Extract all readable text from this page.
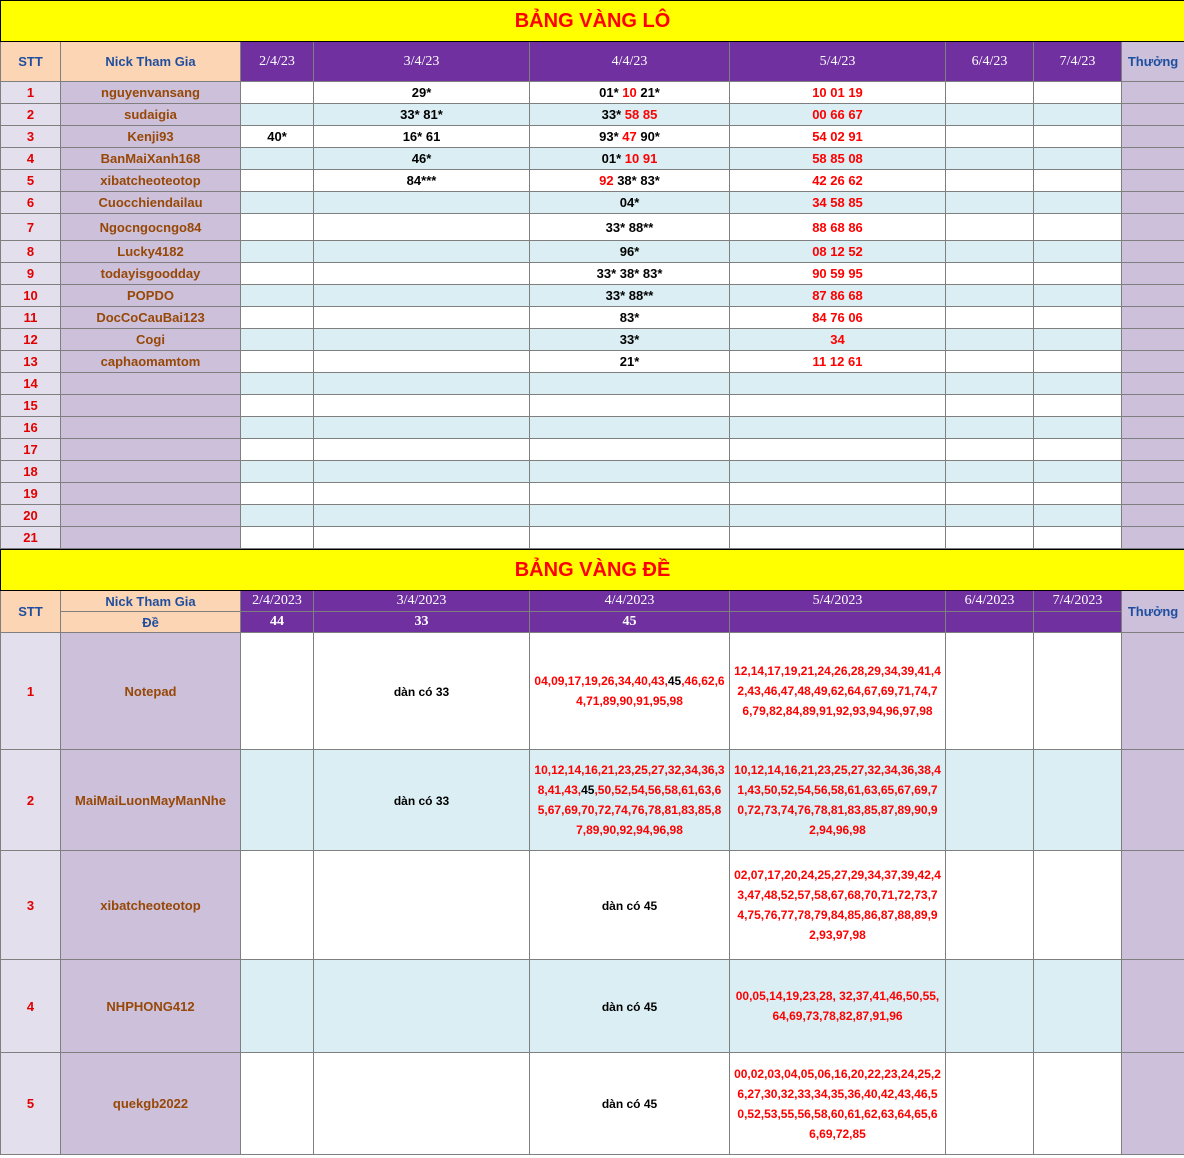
BẢNG VÀNG LÔ								
STT	Nick Tham Gia	2/4/23	3/4/23	4/4/23	5/4/23	6/4/23	7/4/23	Thưởng
1	nguyenvansang		29*	01* 10 21*	10 01 19			
2	sudaigia		33* 81*	33* 58 85	00 66 67			
3	Kenji93	40*	16* 61	93* 47 90*	54 02 91			
4	BanMaiXanh168		46*	01* 10 91	58 85 08			
5	xibatcheoteotop		84***	92 38* 83*	42 26 62			
6	Cuocchiendailau			04*	34 58 85			
7	Ngocngocngo84			33* 88**	88 68 86			
8	Lucky4182			96*	08 12 52			
9	todayisgoodday			33* 38* 83*	90 59 95			
10	POPDO			33* 88**	87 86 68			
11	DocCoCauBai123			83*	84 76 06			
12	Cogi			33*	34			
13	caphaomamtom			21*	11 12 61			
14								
15								
16								
17								
18								
19								
20								
21								
BẢNG VÀNG ĐỀ								
STT	Nick Tham Gia	2/4/2023	3/4/2023	4/4/2023	5/4/2023	6/4/2023	7/4/2023	Thưởng
	Đề	44	33	45				
1	Notepad		dàn có 33	04,09,17,19,26,34,40,43,45,46,62,64,71,89,90,91,95,98	12,14,17,19,21,24,26,28,29,34,39,41,42,43,46,47,48,49,62,64,67,69,71,74,76,79,82,84,89,91,92,93,94,96,97,98			

2	MaiMaiLuonMayManNhe		dàn có 33	10,12,14,16,21,23,25,27,32,34,36,38,41,43,45,50,52,54,56,58,61,63,65,67,69,70,72,74,76,78,81,83,85,87,89,90,92,94,96,98	10,12,14,16,21,23,25,27,32,34,36,38,41,43,50,52,54,56,58,61,63,65,67,69,70,72,73,74,76,78,81,83,85,87,89,90,92,94,96,98			

3	xibatcheoteotop			dàn có 45	02,07,17,20,24,25,27,29,34,37,39,42,43,47,48,52,57,58,67,68,70,71,72,73,74,75,76,77,78,79,84,85,86,87,88,89,92,93,97,98			

4	NHPHONG412			dàn có 45	00,05,14,19,23,28, 32,37,41,46,50,55,64,69,73,78,82,87,91,96			

5	quekgb2022			dàn có 45	00,02,03,04,05,06,16,20,22,23,24,25,26,27,30,32,33,34,35,36,40,42,43,46,50,52,53,55,56,58,60,61,62,63,64,65,66,69,72,85			
